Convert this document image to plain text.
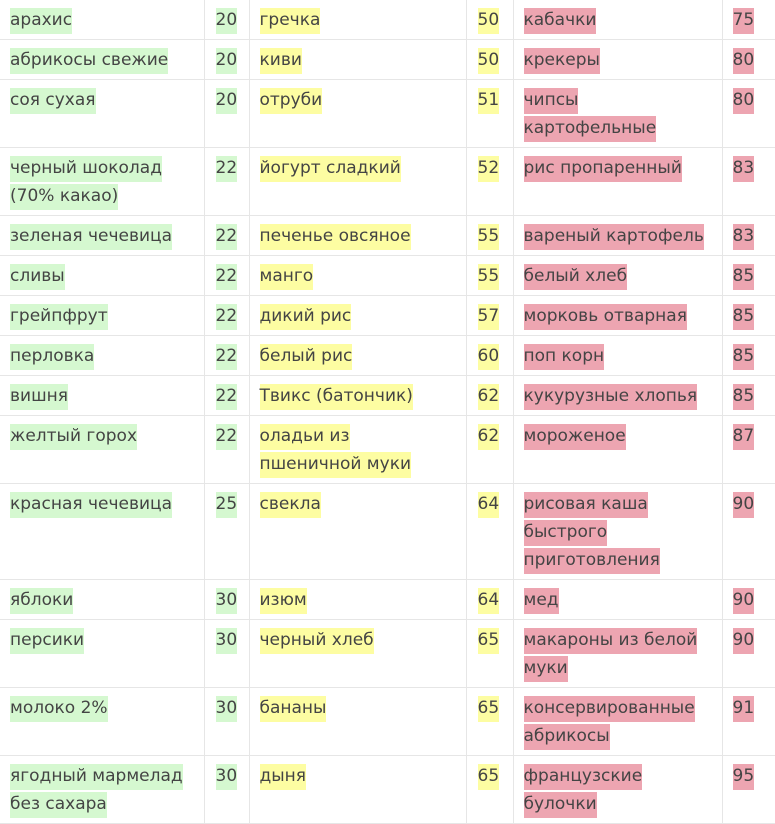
арахис	20	гречка	50	кабачки	75
абрикосы свежие	20	киви	50	крекеры	80
соя сухая	20	отруби	51	чипсы картофельные	80
черный шоколад (70% какао)	22	йогурт сладкий	52	рис пропаренный	83
зеленая чечевица	22	печенье овсяное	55	вареный картофель	83
сливы	22	манго	55	белый хлеб	85
грейпфрут	22	дикий рис	57	морковь отварная	85
перловка	22	белый рис	60	поп корн	85
вишня	22	Твикс (батончик)	62	кукурузные хлопья	85
желтый горох	22	оладьи из пшеничной муки	62	мороженое	87
красная чечевица	25	свекла	64	рисовая каша быстрого приготовления	90
яблоки	30	изюм	64	мед	90
персики	30	черный хлеб	65	макароны из белой муки	90
молоко 2%	30	бананы	65	консервированные абрикосы	91
ягодный мармелад без сахара	30	дыня	65	французские булочки	95
